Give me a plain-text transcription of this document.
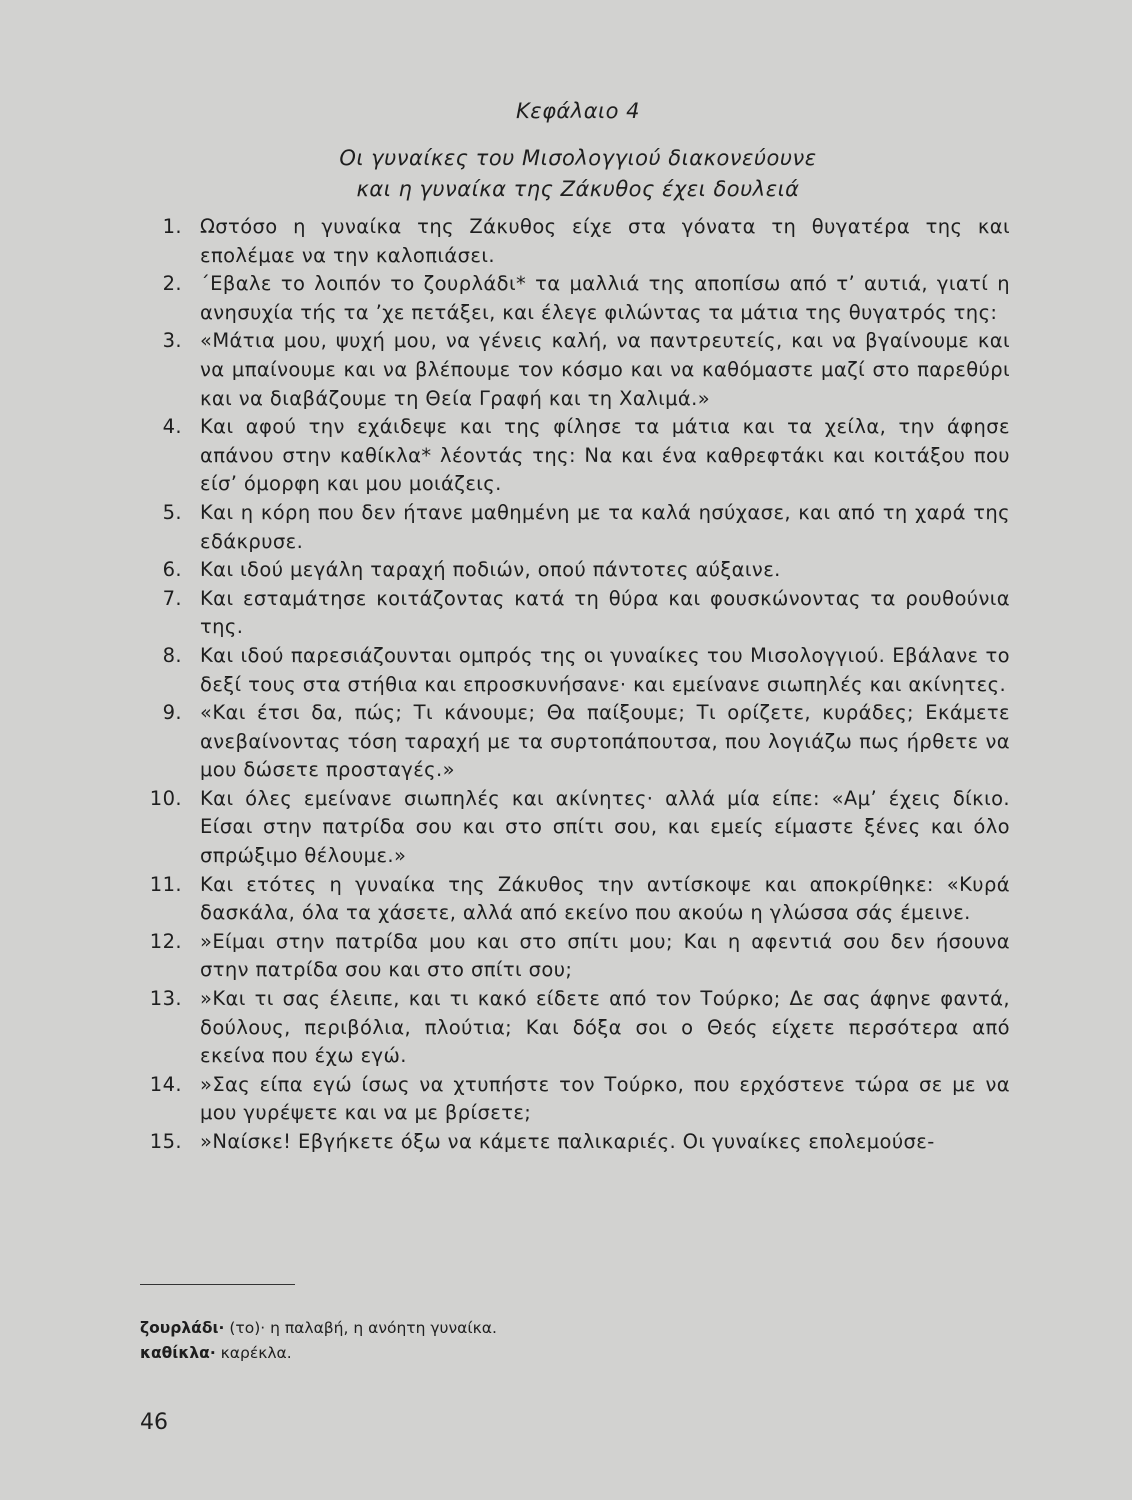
Κεφάλαιο 4
Οι γυναίκες του Μισολογγιού διακονεύουνε
και η γυναίκα της Ζάκυθος έχει δουλειά
1. Ωστόσο η γυναίκα της Ζάκυθος είχε στα γόνατα τη θυγατέρα της και επολέμαε να την καλοπιάσει.
2. ΄Εβαλε το λοιπόν το ζουρλάδι* τα μαλλιά της αποπίσω από τ’ αυτιά, γιατί η ανησυχία τής τα ’χε πετάξει, και έλεγε φιλώντας τα μάτια της θυγατρός της:
3. «Μάτια μου, ψυχή μου, να γένεις καλή, να παντρευτείς, και να βγαίνουμε και να μπαίνουμε και να βλέπουμε τον κόσμο και να καθόμαστε μαζί στο παρεθύρι και να διαβάζουμε τη Θεία Γραφή και τη Χαλιμά.»
4. Και αφού την εχάιδεψε και της φίλησε τα μάτια και τα χείλα, την άφησε απάνου στην καθίκλα* λέοντάς της: Να και ένα καθρεφτάκι και κοιτάξου που είσ’ όμορφη και μου μοιάζεις.
5. Και η κόρη που δεν ήτανε μαθημένη με τα καλά ησύχασε, και από τη χαρά της εδάκρυσε.
6. Και ιδού μεγάλη ταραχή ποδιών, οπού πάντοτες αύξαινε.
7. Και εσταμάτησε κοιτάζοντας κατά τη θύρα και φουσκώνοντας τα ρουθούνια της.
8. Και ιδού παρεσιάζουνται ομπρός της οι γυναίκες του Μισολογγιού. Εβάλανε το δεξί τους στα στήθια και επροσκυνήσανε· και εμείνανε σιωπηλές και ακίνητες.
9. «Και έτσι δα, πώς; Τι κάνουμε; Θα παίξουμε; Τι ορίζετε, κυράδες; Εκάμετε ανεβαίνοντας τόση ταραχή με τα συρτοπάπουτσα, που λογιάζω πως ήρθετε να μου δώσετε προσταγές.»
10. Και όλες εμείνανε σιωπηλές και ακίνητες· αλλά μία είπε: «Αμ’ έχεις δίκιο. Είσαι στην πατρίδα σου και στο σπίτι σου, και εμείς είμαστε ξένες και όλο σπρώξιμο θέλουμε.»
11. Και ετότες η γυναίκα της Ζάκυθος την αντίσκοψε και αποκρίθηκε: «Κυρά δασκάλα, όλα τα χάσετε, αλλά από εκείνο που ακούω η γλώσσα σάς έμεινε.
12. »Είμαι στην πατρίδα μου και στο σπίτι μου; Και η αφεντιά σου δεν ήσουνα στην πατρίδα σου και στο σπίτι σου;
13. »Και τι σας έλειπε, και τι κακό είδετε από τον Τούρκο; Δε σας άφηνε φαντά, δούλους, περιβόλια, πλούτια; Και δόξα σοι ο Θεός είχετε περσότερα από εκείνα που έχω εγώ.
14. »Σας είπα εγώ ίσως να χτυπήστε τον Τούρκο, που ερχόστενε τώρα σε με να μου γυρέψετε και να με βρίσετε;
15. »Ναίσκε! Εβγήκετε όξω να κάμετε παλικαριές. Οι γυναίκες επολεμούσε-
ζουρλάδι· (το)· η παλαβή, η ανόητη γυναίκα.
καθίκλα· καρέκλα.
46
